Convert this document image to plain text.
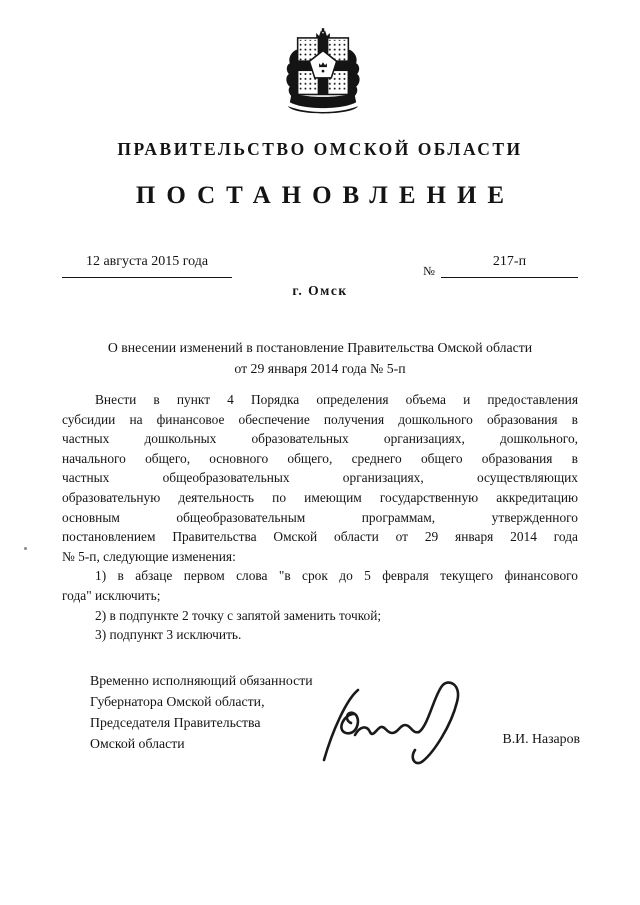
ПРАВИТЕЛЬСТВО ОМСКОЙ ОБЛАСТИ
ПОСТАНОВЛЕНИЕ
12 августа 2015 года
№
217-п
г. Омск
О внесении изменений в постановление Правительства Омской области
от 29 января 2014 года № 5-п
Внести в пункт 4 Порядка определения объема и предоставления
субсидии на финансовое обеспечение получения дошкольного образования в
частных дошкольных образовательных организациях, дошкольного,
начального общего, основного общего, среднего общего образования в
частных общеобразовательных организациях, осуществляющих
образовательную деятельность по имеющим государственную аккредитацию
основным общеобразовательным программам, утвержденного
постановлением Правительства Омской области от 29 января 2014 года
№ 5-п, следующие изменения:
1) в абзаце первом слова "в срок до 5 февраля текущего финансового
года" исключить;
2) в подпункте 2 точку с запятой заменить точкой;
3) подпункт 3 исключить.
Временно исполняющий обязанности
Губернатора Омской области,
Председателя Правительства
Омской области	В.И. Назаров
